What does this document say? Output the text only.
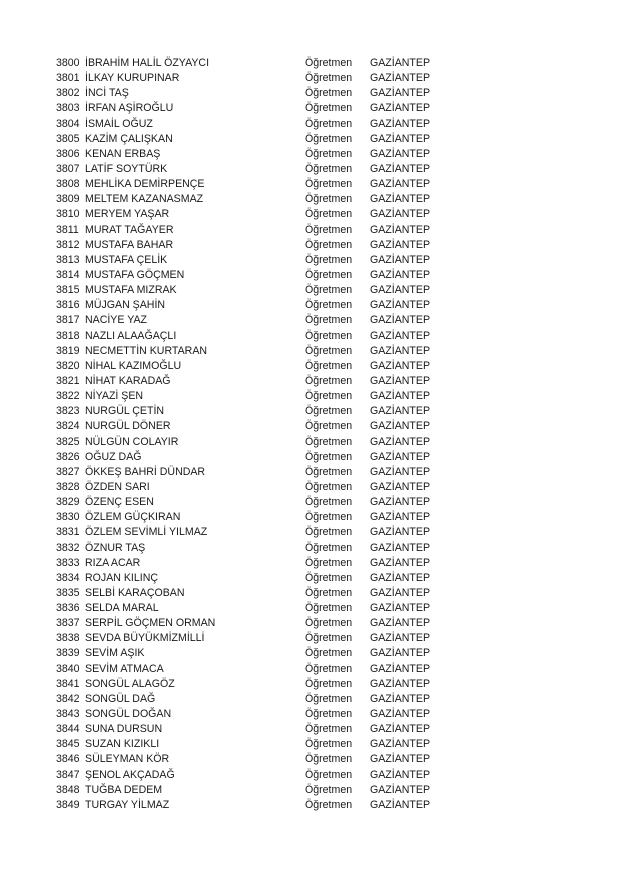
3800 İBRAHİM HALİL ÖZYAYCI	Öğretmen GAZİANTEP
3801 İLKAY KURUPINAR	Öğretmen GAZİANTEP
3802 İNCİ TAŞ	Öğretmen GAZİANTEP
3803 İRFAN AŞİROĞLU	Öğretmen GAZİANTEP
3804 İSMAİL OĞUZ	Öğretmen GAZİANTEP
3805 KAZİM ÇALIŞKAN	Öğretmen GAZİANTEP
3806 KENAN ERBAŞ	Öğretmen GAZİANTEP
3807 LATİF SOYTÜRK	Öğretmen GAZİANTEP
3808 MEHLİKA DEMİRPENÇE	Öğretmen GAZİANTEP
3809 MELTEM KAZANASMAZ	Öğretmen GAZİANTEP
3810 MERYEM YAŞAR	Öğretmen GAZİANTEP
3811 MURAT TAĞAYER	Öğretmen GAZİANTEP
3812 MUSTAFA BAHAR	Öğretmen GAZİANTEP
3813 MUSTAFA ÇELİK	Öğretmen GAZİANTEP
3814 MUSTAFA GÖÇMEN	Öğretmen GAZİANTEP
3815 MUSTAFA MIZRAK	Öğretmen GAZİANTEP
3816 MÜJGAN ŞAHİN	Öğretmen GAZİANTEP
3817 NACİYE YAZ	Öğretmen GAZİANTEP
3818 NAZLI ALAAĞAÇLI	Öğretmen GAZİANTEP
3819 NECMETTİN KURTARAN	Öğretmen GAZİANTEP
3820 NİHAL KAZIMOĞLU	Öğretmen GAZİANTEP
3821 NİHAT KARADAĞ	Öğretmen GAZİANTEP
3822 NİYAZİ ŞEN	Öğretmen GAZİANTEP
3823 NURGÜL ÇETİN	Öğretmen GAZİANTEP
3824 NURGÜL DÖNER	Öğretmen GAZİANTEP
3825 NÜLGÜN COLAYIR	Öğretmen GAZİANTEP
3826 OĞUZ DAĞ	Öğretmen GAZİANTEP
3827 ÖKKEŞ BAHRİ DÜNDAR	Öğretmen GAZİANTEP
3828 ÖZDEN SARI	Öğretmen GAZİANTEP
3829 ÖZENÇ ESEN	Öğretmen GAZİANTEP
3830 ÖZLEM GÜÇKIRAN	Öğretmen GAZİANTEP
3831 ÖZLEM SEVİMLİ YILMAZ	Öğretmen GAZİANTEP
3832 ÖZNUR TAŞ	Öğretmen GAZİANTEP
3833 RIZA ACAR	Öğretmen GAZİANTEP
3834 ROJAN KILINÇ	Öğretmen GAZİANTEP
3835 SELBİ KARAÇOBAN	Öğretmen GAZİANTEP
3836 SELDA MARAL	Öğretmen GAZİANTEP
3837 SERPİL GÖÇMEN ORMAN	Öğretmen GAZİANTEP
3838 SEVDA BÜYÜKMİZMİLLİ	Öğretmen GAZİANTEP
3839 SEVİM AŞIK	Öğretmen GAZİANTEP
3840 SEVİM ATMACA	Öğretmen GAZİANTEP
3841 SONGÜL ALAGÖZ	Öğretmen GAZİANTEP
3842 SONGÜL DAĞ	Öğretmen GAZİANTEP
3843 SONGÜL DOĞAN	Öğretmen GAZİANTEP
3844 SUNA DURSUN	Öğretmen GAZİANTEP
3845 SUZAN KIZIKLI	Öğretmen GAZİANTEP
3846 SÜLEYMAN KÖR	Öğretmen GAZİANTEP
3847 ŞENOL AKÇADAĞ	Öğretmen GAZİANTEP
3848 TUĞBA DEDEM	Öğretmen GAZİANTEP
3849 TURGAY YİLMAZ	Öğretmen GAZİANTEP
